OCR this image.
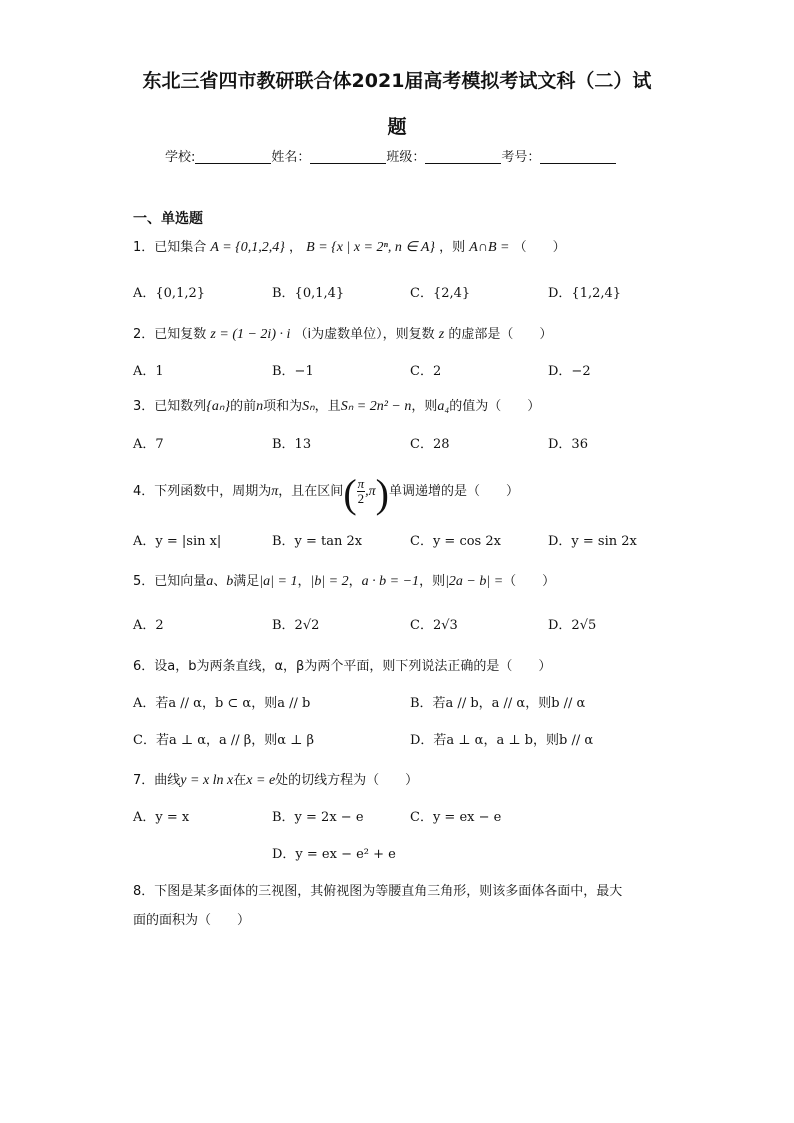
东北三省四市教研联合体2021届高考模拟考试文科（二）试
题
学校:	姓名：	班级：	考号：
一、单选题
1．已知集合 A = {0,1,2,4} ， B = {x | x = 2ⁿ, n ∈ A} ，则 A∩B = （　　）
A．{0,1,2}	B．{0,1,4}	C．{2,4}	D．{1,2,4}
2．已知复数 z = (1 − 2i) · i （i为虚数单位），则复数 z 的虚部是（　　）
A．1	B．−1	C．2	D．−2
3．已知数列{aₙ}的前n项和为Sₙ，且Sₙ = 2n² − n，则a₄的值为（　　）
A．7	B．13	C．28	D．36
4．下列函数中，周期为π，且在区间( $\frac{\pi}{2} ,\pi$)单调递增的是（　　）
A．y = |sin x|	B．y = tan 2x	C．y = cos 2x	D．y = sin 2x
5．已知向量a、b满足|a| = 1，|b| = 2，a · b = −1，则|2a − b| =（　　）
A．2	B．2√2	C．2√3	D．2√5
6．设a，b为两条直线，α，β为两个平面，则下列说法正确的是（　　）
A．若a // α，b ⊂ α，则a // b	B．若a // b，a // α，则b // α
C．若a ⊥ α，a // β，则α ⊥ β	D．若a ⊥ α，a ⊥ b，则b // α
7．曲线y = x ln x在x = e处的切线方程为（　　）
A．y = x	B．y = 2x − e	C．y = ex − e
D．y = ex − e² + e
8．下图是某多面体的三视图，其俯视图为等腰直角三角形，则该多面体各面中，最大
面的面积为（　　）
